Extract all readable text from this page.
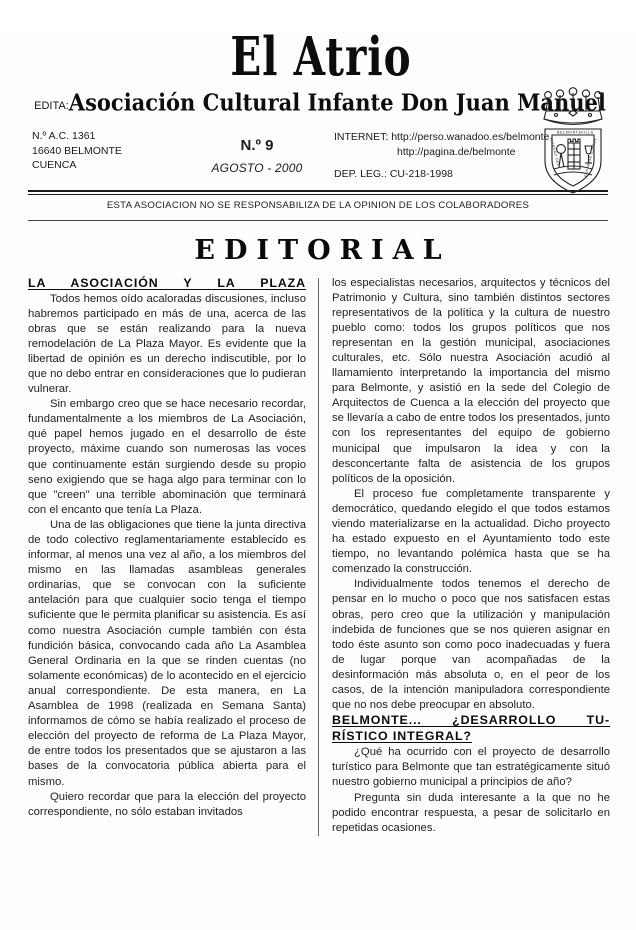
El Atrio
EDITA:Asociación Cultural Infante Don Juan Manuel
BELMONTE VILLA
PATRONO DEL	PUEBLO BELMONTE
N.º A.C. 1361
16640 BELMONTE
CUENCA
N.º 9
AGOSTO - 2000
INTERNET: http://perso.wanadoo.es/belmonte
http://pagina.de/belmonte
DEP. LEG.: CU-218-1998
ESTA ASOCIACION NO SE RESPONSABILIZA DE LA OPINION DE LOS COLABORADORES
EDITORIAL
LA ASOCIACIÓN Y LA PLAZA

Todos hemos oído acaloradas discusiones, incluso habremos participado en más de una, acerca de las obras que se están realizando para la nueva remodelación de La Plaza Mayor. Es evidente que la libertad de opinión es un derecho indiscutible, por lo que no debo entrar en consideraciones que lo pudieran vulnerar.

Sin embargo creo que se hace necesario recordar, fundamentalmente a los miembros de La Asociación, qué papel hemos jugado en el desarrollo de éste proyecto, máxime cuando son numerosas las voces que continuamente están surgiendo desde su propio seno exigiendo que se haga algo para terminar con lo que "creen" una terrible abominación que terminará con el encanto que tenía La Plaza.

Una de las obligaciones que tiene la junta directiva de todo colectivo reglamentariamente establecido es informar, al menos una vez al año, a los miembros del mismo en las llamadas asambleas generales ordinarias, que se convocan con la suficiente antelación para que cualquier socio tenga el tiempo suficiente que le permita planificar su asistencia. Es así como nuestra Asociación cumple también con ésta fundición básica, convocando cada año La Asamblea General Ordinaria en la que se rinden cuentas (no solamente económicas) de lo acontecido en el ejercicio anual correspondiente. De esta manera, en La Asamblea de 1998 (realizada en Semana Santa) informamos de cómo se había realizado el proceso de elección del proyecto de reforma de La Plaza Mayor, de entre todos los presentados que se ajustaron a las bases de la convocatoria pública abierta para el mismo.

Quiero recordar que para la elección del proyecto correspondiente, no sólo estaban invitados

los especialistas necesarios, arquitectos y técnicos del Patrimonio y Cultura, sino también distintos sectores representativos de la política y la cultura de nuestro pueblo como: todos los grupos políticos que nos representan en la gestión municipal, asociaciones culturales, etc. Sólo nuestra Asociación acudió al llamamiento interpretando la importancia del mismo para Belmonte, y asistió en la sede del Colegio de Arquitectos de Cuenca a la elección del proyecto que se llevaría a cabo de entre todos los presentados, junto con los representantes del equipo de gobierno municipal que impulsaron la idea y con la desconcertante falta de asistencia de los grupos políticos de la oposición.

El proceso fue completamente transparente y democrático, quedando elegido el que todos estamos viendo materializarse en la actualidad. Dicho proyecto ha estado expuesto en el Ayuntamiento todo este tiempo, no levantando polémica hasta que se ha comenzado la construcción.

Individualmente todos tenemos el derecho de pensar en lo mucho o poco que nos satisfacen estas obras, pero creo que la utilización y manipulación indebida de funciones que se nos quieren asignar en todo éste asunto son como poco inadecuadas y fuera de lugar porque van acompañadas de la desinformación más absoluta o, en el peor de los casos, de la intención manipuladora correspondiente que no nos debe preocupar en absoluto.

BELMONTE... ¿DESARROLLO TU-
RÍSTICO INTEGRAL?

¿Qué ha ocurrido con el proyecto de desarrollo turístico para Belmonte que tan estratégicamente situó nuestro gobierno municipal a principios de año?

Pregunta sin duda interesante a la que no he podido encontrar respuesta, a pesar de solicitarlo en repetidas ocasiones.
